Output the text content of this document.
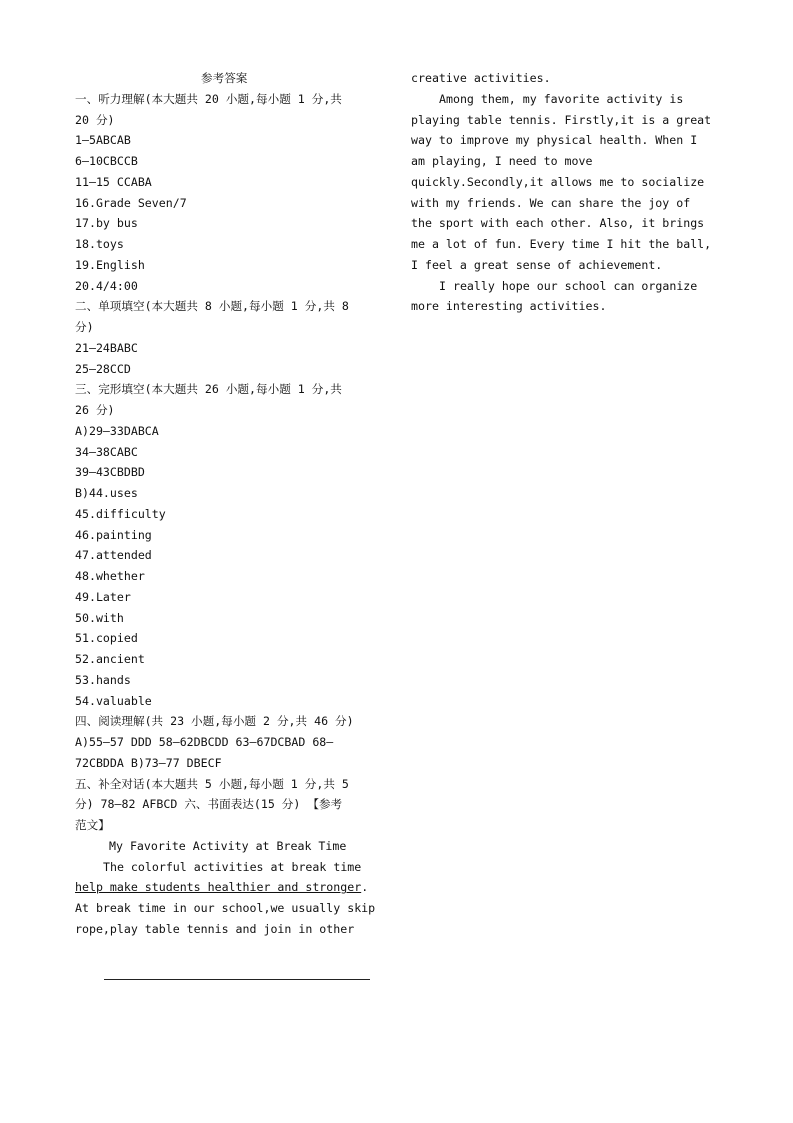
参考答案
一、听力理解(本大题共 20 小题,每小题 1 分,共
20 分)
1—5ABCAB
6—10CBCCB
11—15 CCABA
16.Grade Seven/7
17.by bus
18.toys
19.English
20.4/4:00
二、单项填空(本大题共 8 小题,每小题 1 分,共 8
分)
21—24BABC
25—28CCD
三、完形填空(本大题共 26 小题,每小题 1 分,共
26 分)
A)29—33DABCA
34—38CABC
39—43CBDBD
B)44.uses
45.difficulty
46.painting
47.attended
48.whether
49.Later
50.with
51.copied
52.ancient
53.hands
54.valuable
四、阅读理解(共 23 小题,每小题 2 分,共 46 分)
A)55—57 DDD 58—62DBCDD 63—67DCBAD 68—
72CBDDA B)73—77 DBECF
五、补全对话(本大题共 5 小题,每小题 1 分,共 5
分) 78—82 AFBCD 六、书面表达(15 分) 【参考
范文】
My Favorite Activity at Break Time
The colorful activities at break time
help make students healthier and stronger.
At break time in our school,we usually skip
rope,play table tennis and join in other
creative activities.
Among them, my favorite activity is
playing table tennis. Firstly,it is a great
way to improve my physical health. When I
am playing, I need to move
quickly.Secondly,it allows me to socialize
with my friends. We can share the joy of
the sport with each other. Also, it brings
me a lot of fun. Every time I hit the ball,
I feel a great sense of achievement.
I really hope our school can organize
more interesting activities.
